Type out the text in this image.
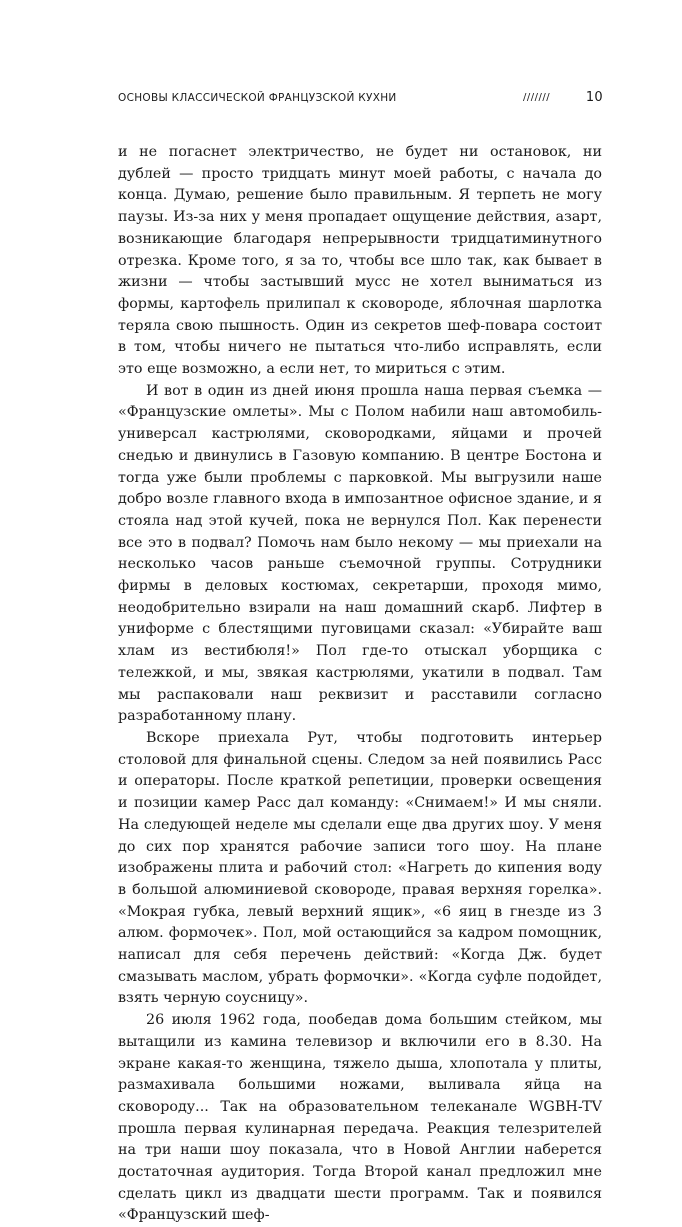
ОСНОВЫ КЛАССИЧЕСКОЙ ФРАНЦУЗСКОЙ КУХНИ	///////	10

и не погаснет электричество, не будет ни остановок, ни дублей — просто тридцать минут моей работы, с начала до конца. Думаю, решение было правильным. Я терпеть не могу паузы. Из-за них у меня пропадает ощущение действия, азарт, возникающие благодаря непрерывности тридцатиминутного отрезка. Кроме того, я за то, чтобы все шло так, как бывает в жизни — чтобы застывший мусс не хотел выниматься из формы, картофель прилипал к сковороде, яблочная шарлотка теряла свою пышность. Один из секретов шеф-повара состоит в том, чтобы ничего не пытаться что-либо исправлять, если это еще возможно, а если нет, то мириться с этим.

И вот в один из дней июня прошла наша первая съемка — «Французские омлеты». Мы с Полом набили наш автомобиль-универсал кастрюлями, сковородками, яйцами и прочей снедью и двинулись в Газовую компанию. В центре Бостона и тогда уже были проблемы с парковкой. Мы выгрузили наше добро возле главного входа в импозантное офисное здание, и я стояла над этой кучей, пока не вернулся Пол. Как перенести все это в подвал? Помочь нам было некому — мы приехали на несколько часов раньше съемочной группы. Сотрудники фирмы в деловых костюмах, секретарши, проходя мимо, неодобрительно взирали на наш домашний скарб. Лифтер в униформе с блестящими пуговицами сказал: «Убирайте ваш хлам из вестибюля!» Пол где-то отыскал уборщика с тележкой, и мы, звякая кастрюлями, укатили в подвал. Там мы распаковали наш реквизит и расставили согласно разработанному плану.

Вскоре приехала Рут, чтобы подготовить интерьер столовой для финальной сцены. Следом за ней появились Расс и операторы. После краткой репетиции, проверки освещения и позиции камер Расс дал команду: «Снимаем!» И мы сняли. На следующей неделе мы сделали еще два других шоу. У меня до сих пор хранятся рабочие записи того шоу. На плане изображены плита и рабочий стол: «Нагреть до кипения воду в большой алюминиевой сковороде, правая верхняя горелка». «Мокрая губка, левый верхний ящик», «6 яиц в гнезде из 3 алюм. формочек». Пол, мой остающийся за кадром помощник, написал для себя перечень действий: «Когда Дж. будет смазывать маслом, убрать формочки». «Когда суфле подойдет, взять черную соусницу».

26 июля 1962 года, пообедав дома большим стейком, мы вытащили из камина телевизор и включили его в 8.30. На экране какая-то женщина, тяжело дыша, хлопотала у плиты, размахивала большими ножами, выливала яйца на сковороду... Так на образовательном телеканале WGBH-TV прошла первая кулинарная передача. Реакция телезрителей на три наши шоу показала, что в Новой Англии наберется достаточная аудитория. Тогда Второй канал предложил мне сделать цикл из двадцати шести программ. Так и появился «Французский шеф-
